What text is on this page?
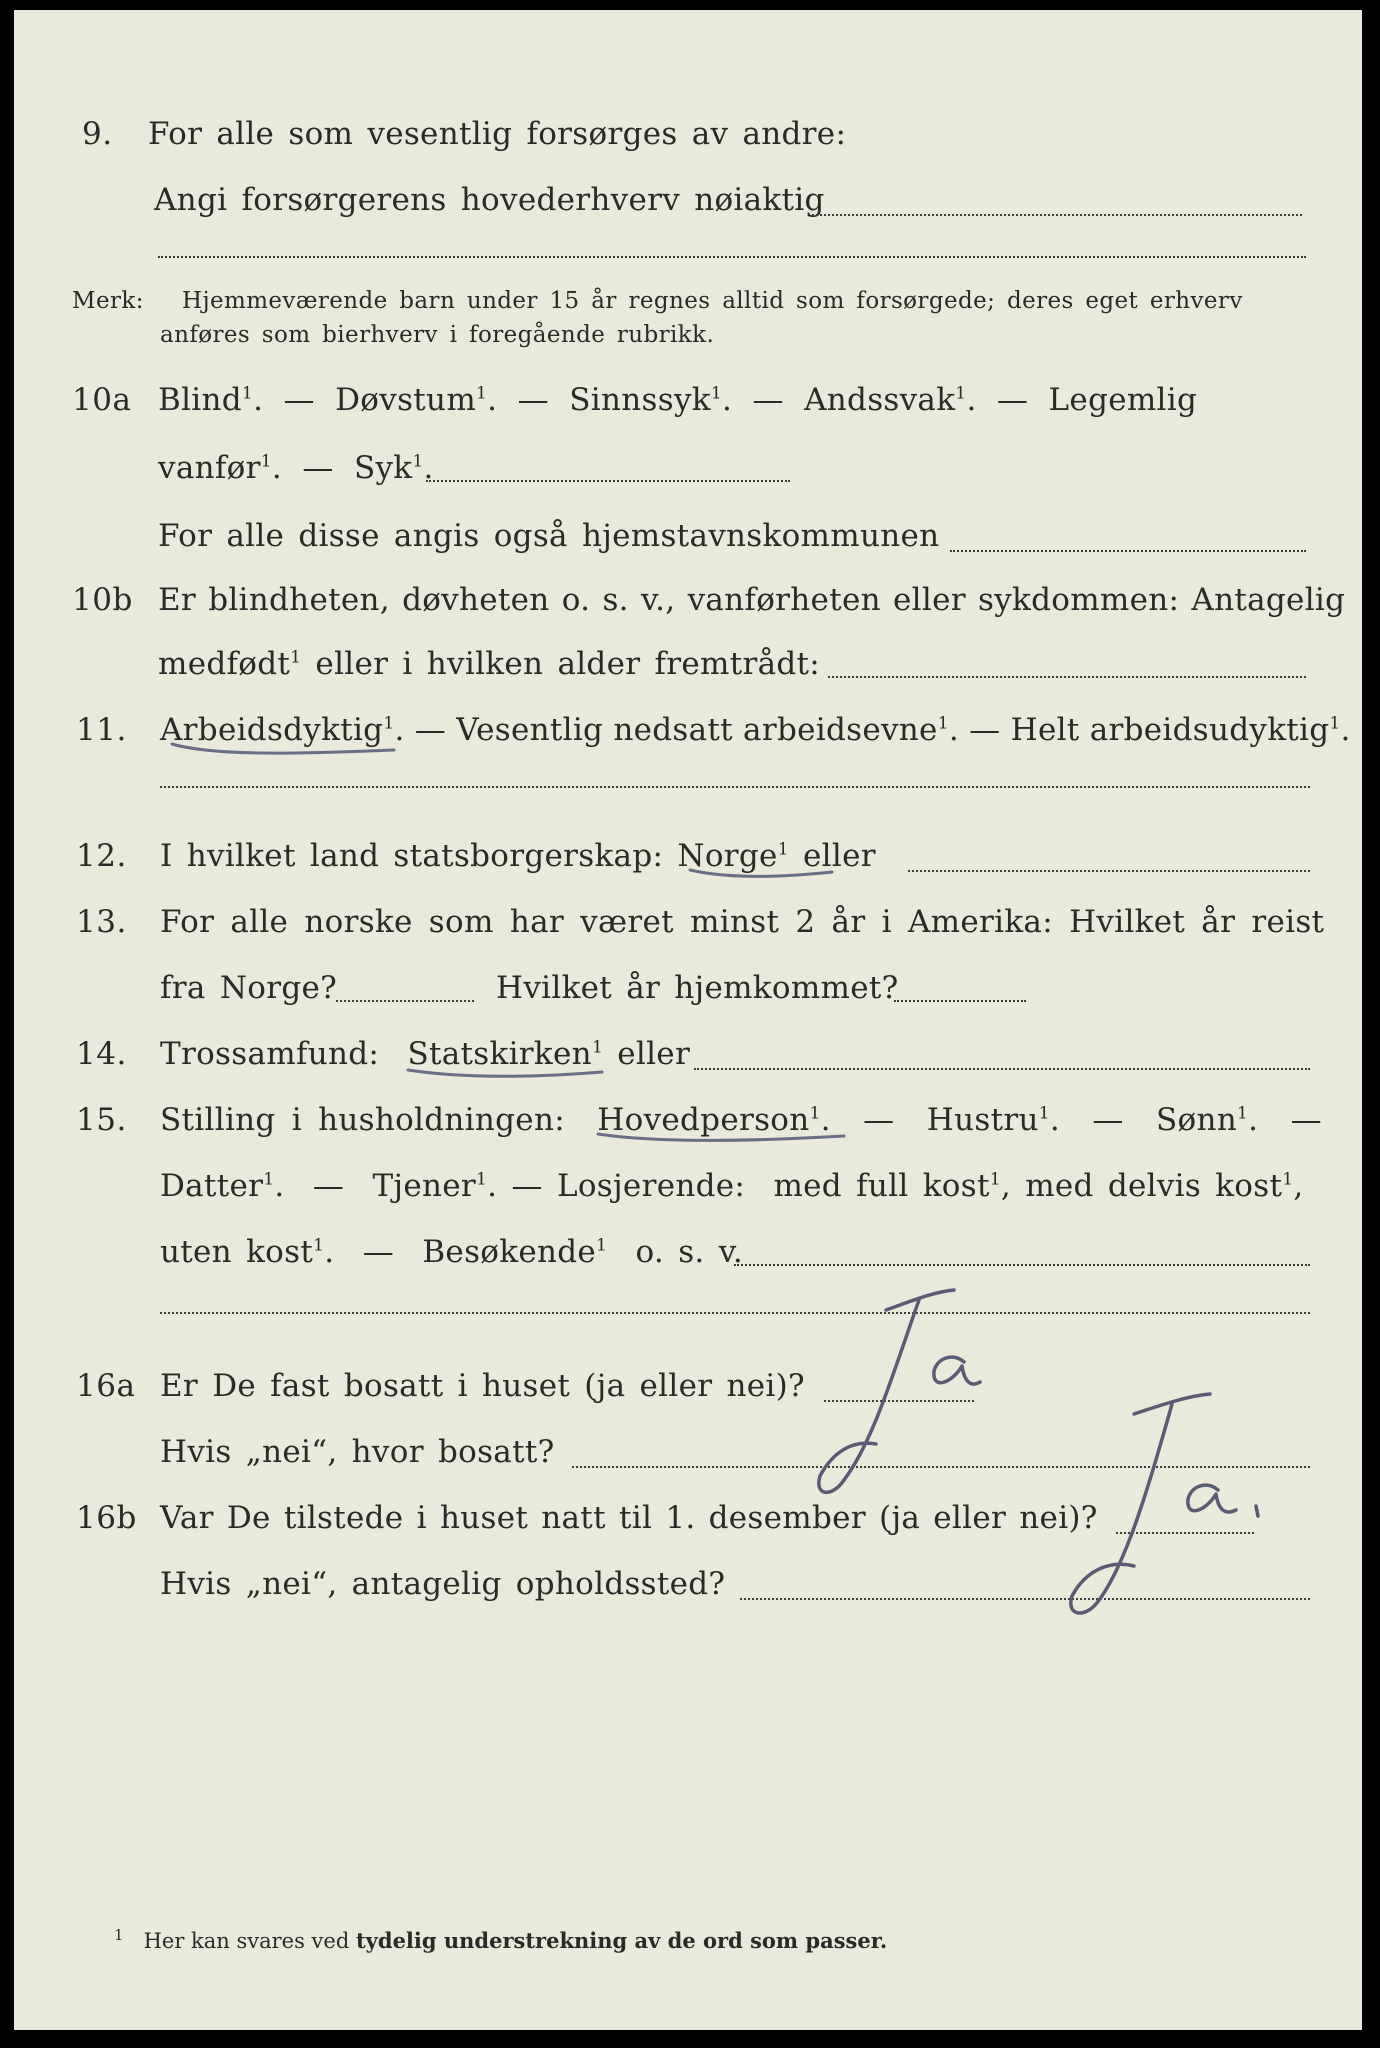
9. For alle som vesentlig forsørges av andre:
Angi forsørgerens hovederhverv nøiaktig
Merk: Hjemmeværende barn under 15 år regnes alltid som forsørgede; deres eget erhverv
anføres som bierhverv i foregående rubrikk.
10a Blind$^1$. — Døvstum$^1$. — Sinnssyk$^1$. — Andssvak$^1$. — Legemlig
vanfør$^1$. — Syk$^1$.
For alle disse angis også hjemstavnskommunen
10b Er blindheten, døvheten o. s. v., vanførheten eller sykdommen: Antagelig
medfødt$^1$ eller i hvilken alder fremtrådt:
11. Arbeidsdyktig$^1$. — Vesentlig nedsatt arbeidsevne$^1$. — Helt arbeidsudyktig$^1$.
12. I hvilket land statsborgerskap: Norge$^1$ eller
13. For alle norske som har været minst 2 år i Amerika: Hvilket år reist
fra Norge?	Hvilket år hjemkommet?
14. Trossamfund: Statskirken$^1$ eller
15. Stilling i husholdningen: Hovedperson$^1$. — Hustru$^1$. — Sønn$^1$. —
Datter$^1$. — Tjener$^1$. — Losjerende: med full kost$^1$, med delvis kost$^1$,
uten kost$^1$. — Besøkende$^1$ o. s. v.
16a Er De fast bosatt i huset (ja eller nei)?
Hvis „nei“, hvor bosatt?
16b Var De tilstede i huset natt til 1. desember (ja eller nei)?
Hvis „nei“, antagelig opholdssted?
$^1$ Her kan svares ved tydelig understrekning av de ord som passer.
